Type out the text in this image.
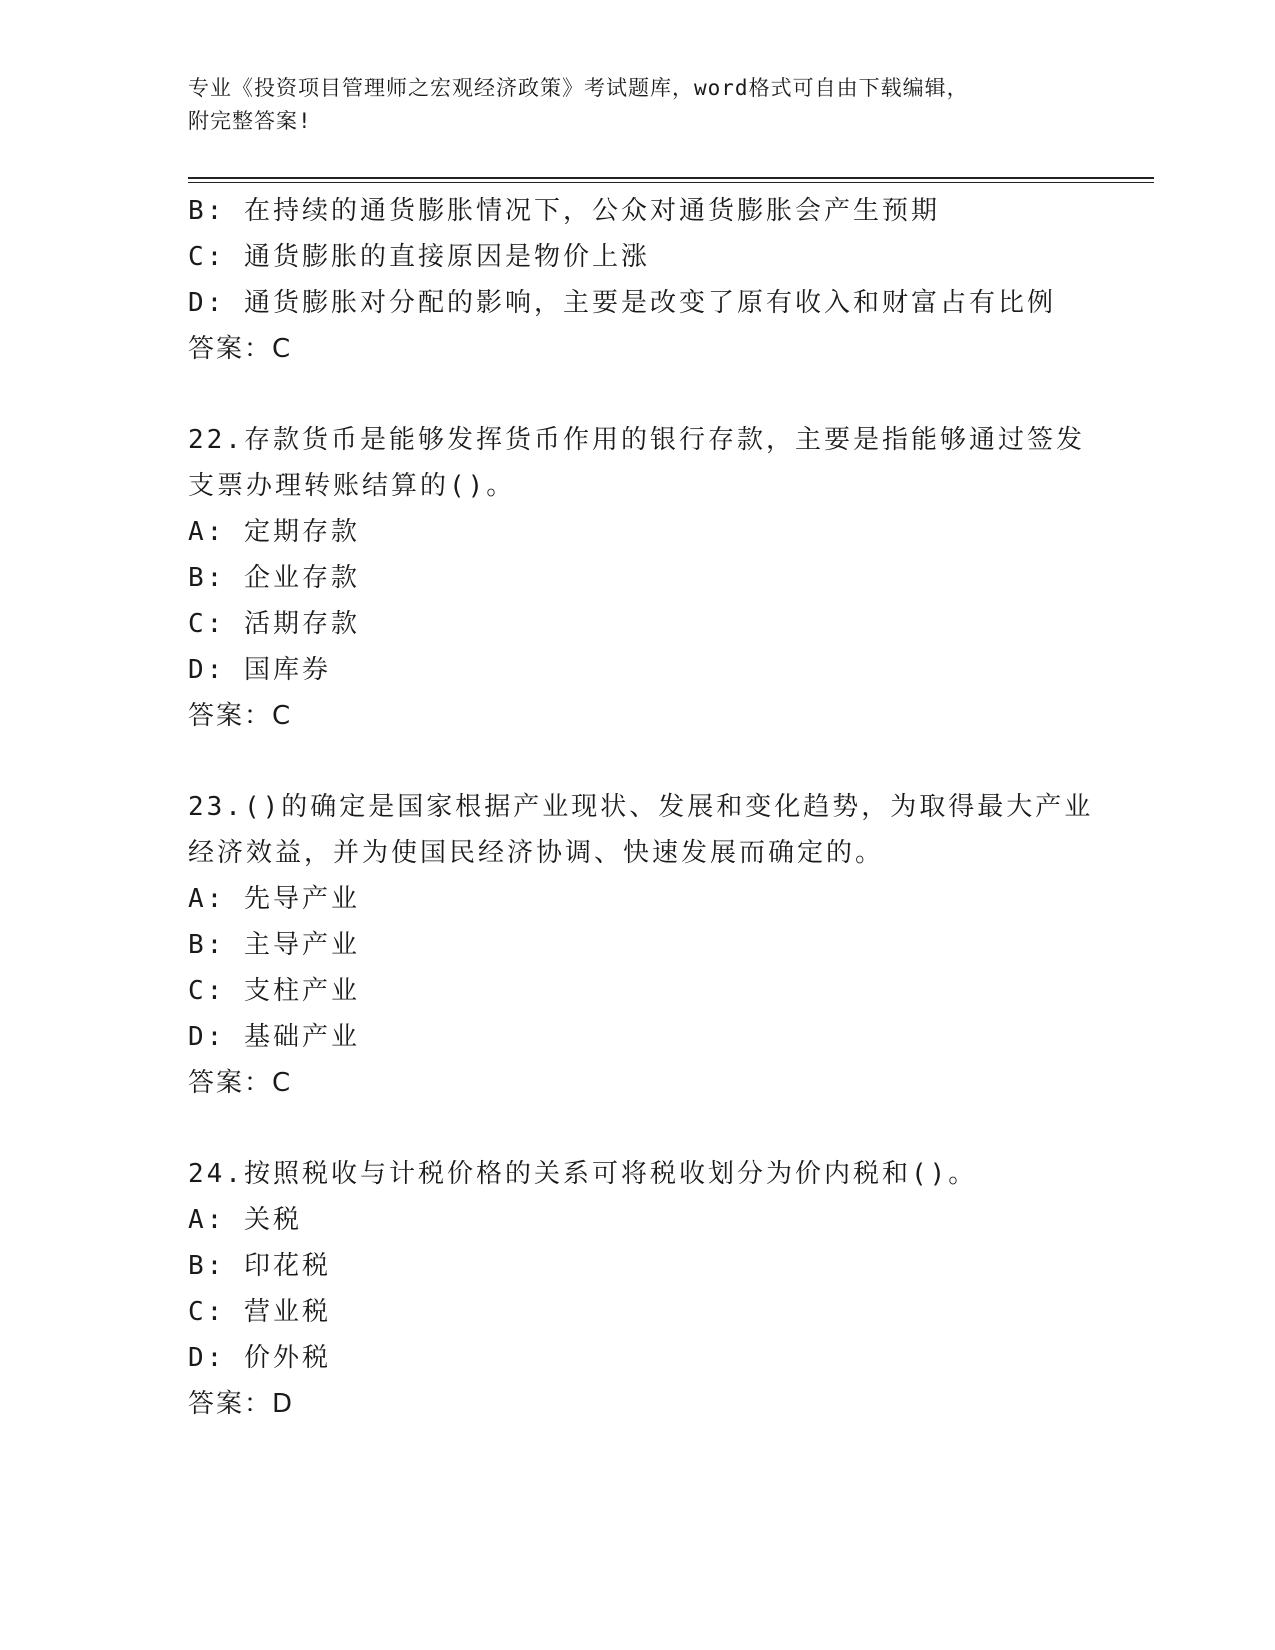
专业《投资项目管理师之宏观经济政策》考试题库，word格式可自由下载编辑，
附完整答案!
B: 在持续的通货膨胀情况下，公众对通货膨胀会产生预期
C: 通货膨胀的直接原因是物价上涨
D: 通货膨胀对分配的影响，主要是改变了原有收入和财富占有比例
答案：C
22.存款货币是能够发挥货币作用的银行存款，主要是指能够通过签发
支票办理转账结算的()。
A: 定期存款
B: 企业存款
C: 活期存款
D: 国库券
答案：C
23.()的确定是国家根据产业现状、发展和变化趋势，为取得最大产业
经济效益，并为使国民经济协调、快速发展而确定的。
A: 先导产业
B: 主导产业
C: 支柱产业
D: 基础产业
答案：C
24.按照税收与计税价格的关系可将税收划分为价内税和()。
A: 关税
B: 印花税
C: 营业税
D: 价外税
答案：D
